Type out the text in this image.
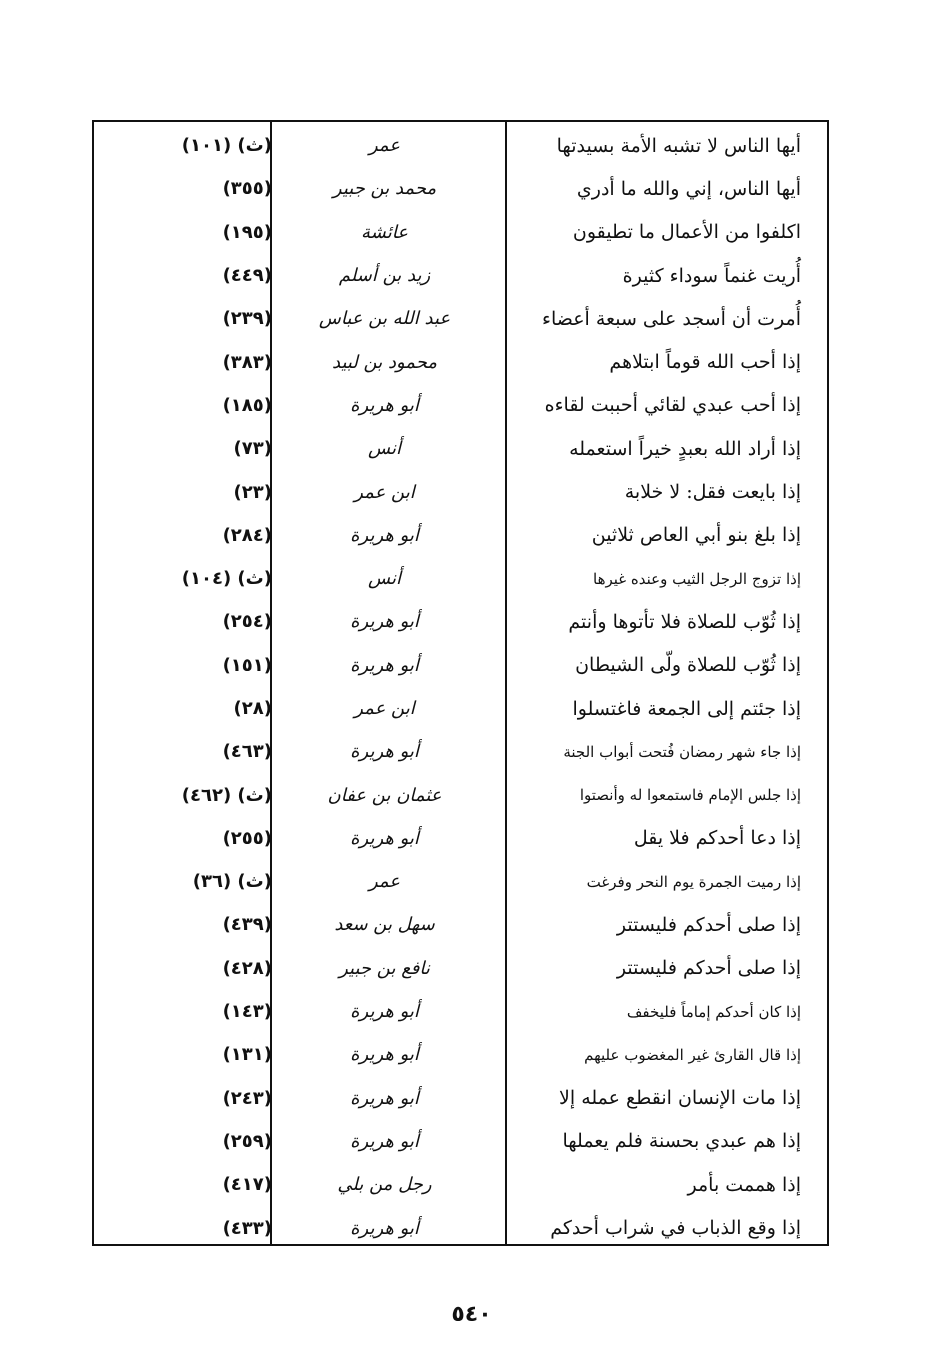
أيها الناس لا تشبه الأمة بسيدتها
عمر
(١٠١) (ث)
أيها الناس، إني والله ما أدري
محمد بن جبير
(٣٥٥)
اكلفوا من الأعمال ما تطيقون
عائشة
(١٩٥)
أُريت غنماً سوداء كثيرة
زيد بن أسلم
(٤٤٩)
أُمرت أن أسجد على سبعة أعضاء
عبد الله بن عباس
(٢٣٩)
إذا أحب الله قوماً ابتلاهم
محمود بن لبيد
(٣٨٣)
إذا أحب عبدي لقائي أحببت لقاءه
أبو هريرة
(١٨٥)
إذا أراد الله بعبدٍ خيراً استعمله
أنس
(٧٣)
إذا بايعت فقل: لا خلابة
ابن عمر
(٢٣)
إذا بلغ بنو أبي العاص ثلاثين
أبو هريرة
(٢٨٤)
إذا تزوج الرجل الثيب وعنده غيرها
أنس
(١٠٤) (ث)
إذا ثُوّب للصلاة فلا تأتوها وأنتم
أبو هريرة
(٢٥٤)
إذا ثُوّب للصلاة ولّى الشيطان
أبو هريرة
(١٥١)
إذا جئتم إلى الجمعة فاغتسلوا
ابن عمر
(٢٨)
إذا جاء شهر رمضان فُتحت أبواب الجنة
أبو هريرة
(٤٦٣)
إذا جلس الإمام فاستمعوا له وأنصتوا
عثمان بن عفان
(٤٦٢) (ث)
إذا دعا أحدكم فلا يقل
أبو هريرة
(٢٥٥)
إذا رميت الجمرة يوم النحر وفرغت
عمر
(٣٦) (ث)
إذا صلى أحدكم فليستتر
سهل بن سعد
(٤٣٩)
إذا صلى أحدكم فليستتر
نافع بن جبير
(٤٢٨)
إذا كان أحدكم إماماً فليخفف
أبو هريرة
(١٤٣)
إذا قال القارئ غير المغضوب عليهم
أبو هريرة
(١٣١)
إذا مات الإنسان انقطع عمله إلا
أبو هريرة
(٢٤٣)
إذا هم عبدي بحسنة فلم يعملها
أبو هريرة
(٢٥٩)
إذا هممت بأمر
رجل من بلي
(٤١٧)
إذا وقع الذباب في شراب أحدكم
أبو هريرة
(٤٣٣)
٥٤٠
